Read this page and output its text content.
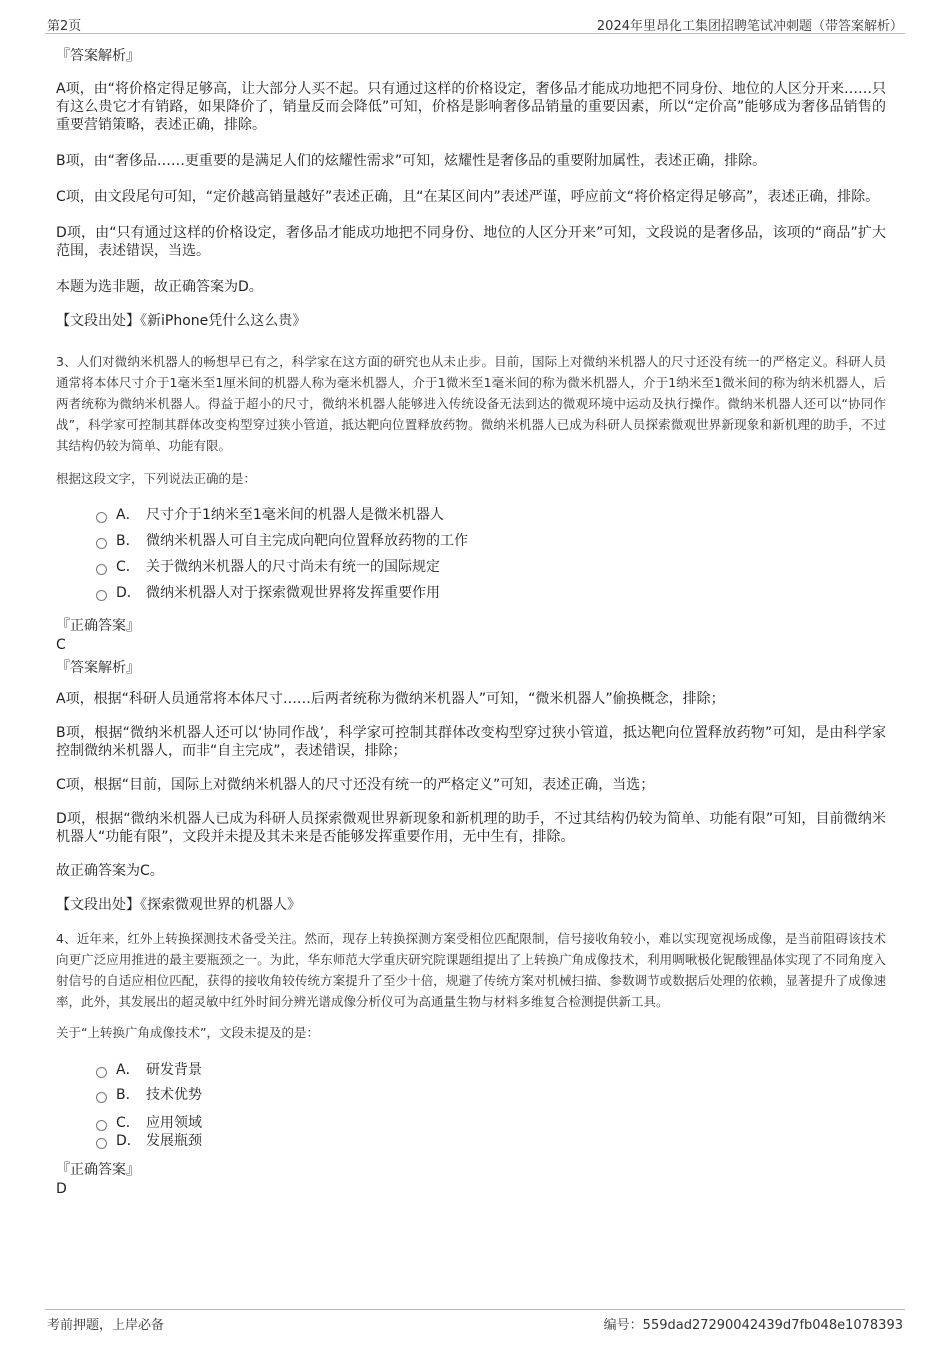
第2页	2024年里昂化工集团招聘笔试冲刺题（带答案解析）

『答案解析』

A项，由“将价格定得足够高，让大部分人买不起。只有通过这样的价格设定，奢侈品才能成功地把不同身份、地位的人区分开来……只有这么贵它才有销路，如果降价了，销量反而会降低”可知，价格是影响奢侈品销量的重要因素，所以“定价高”能够成为奢侈品销售的重要营销策略，表述正确，排除。

B项，由“奢侈品……更重要的是满足人们的炫耀性需求”可知，炫耀性是奢侈品的重要附加属性，表述正确，排除。

C项，由文段尾句可知，“定价越高销量越好”表述正确，且“在某区间内”表述严谨，呼应前文“将价格定得足够高”，表述正确，排除。

D项，由“只有通过这样的价格设定，奢侈品才能成功地把不同身份、地位的人区分开来”可知，文段说的是奢侈品，该项的“商品”扩大范围，表述错误，当选。

本题为选非题，故正确答案为D。

【文段出处】《新iPhone凭什么这么贵》

3、人们对微纳米机器人的畅想早已有之，科学家在这方面的研究也从未止步。目前，国际上对微纳米机器人的尺寸还没有统一的严格定义。科研人员通常将本体尺寸介于1毫米至1厘米间的机器人称为毫米机器人，介于1微米至1毫米间的称为微米机器人，介于1纳米至1微米间的称为纳米机器人，后两者统称为微纳米机器人。得益于超小的尺寸，微纳米机器人能够进入传统设备无法到达的微观环境中运动及执行操作。微纳米机器人还可以“协同作战”，科学家可控制其群体改变构型穿过狭小管道，抵达靶向位置释放药物。微纳米机器人已成为科研人员探索微观世界新现象和新机理的助手，不过其结构仍较为简单、功能有限。

根据这段文字，下列说法正确的是：

A． 尺寸介于1纳米至1毫米间的机器人是微米机器人
B． 微纳米机器人可自主完成向靶向位置释放药物的工作
C． 关于微纳米机器人的尺寸尚未有统一的国际规定
D． 微纳米机器人对于探索微观世界将发挥重要作用

『正确答案』

C

『答案解析』

A项，根据“科研人员通常将本体尺寸……后两者统称为微纳米机器人”可知，“微米机器人”偷换概念，排除；

B项，根据“微纳米机器人还可以‘协同作战’，科学家可控制其群体改变构型穿过狭小管道，抵达靶向位置释放药物”可知，是由科学家控制微纳米机器人，而非“自主完成”，表述错误，排除；

C项，根据“目前，国际上对微纳米机器人的尺寸还没有统一的严格定义”可知，表述正确，当选；

D项，根据“微纳米机器人已成为科研人员探索微观世界新现象和新机理的助手，不过其结构仍较为简单、功能有限”可知，目前微纳米机器人“功能有限”，文段并未提及其未来是否能够发挥重要作用，无中生有，排除。

故正确答案为C。

【文段出处】《探索微观世界的机器人》

4、近年来，红外上转换探测技术备受关注。然而，现存上转换探测方案受相位匹配限制，信号接收角较小，难以实现宽视场成像，是当前阻碍该技术向更广泛应用推进的最主要瓶颈之一。为此，华东师范大学重庆研究院课题组提出了上转换广角成像技术，利用啁啾极化铌酸锂晶体实现了不同角度入射信号的自适应相位匹配，获得的接收角较传统方案提升了至少十倍，规避了传统方案对机械扫描、参数调节或数据后处理的依赖，显著提升了成像速率，此外，其发展出的超灵敏中红外时间分辨光谱成像分析仪可为高通量生物与材料多维复合检测提供新工具。

关于“上转换广角成像技术”，文段未提及的是：

A． 研发背景
B． 技术优势
C． 应用领域
D． 发展瓶颈

『正确答案』

D

考前押题，上岸必备	编号：559dad27290042439d7fb048e1078393
